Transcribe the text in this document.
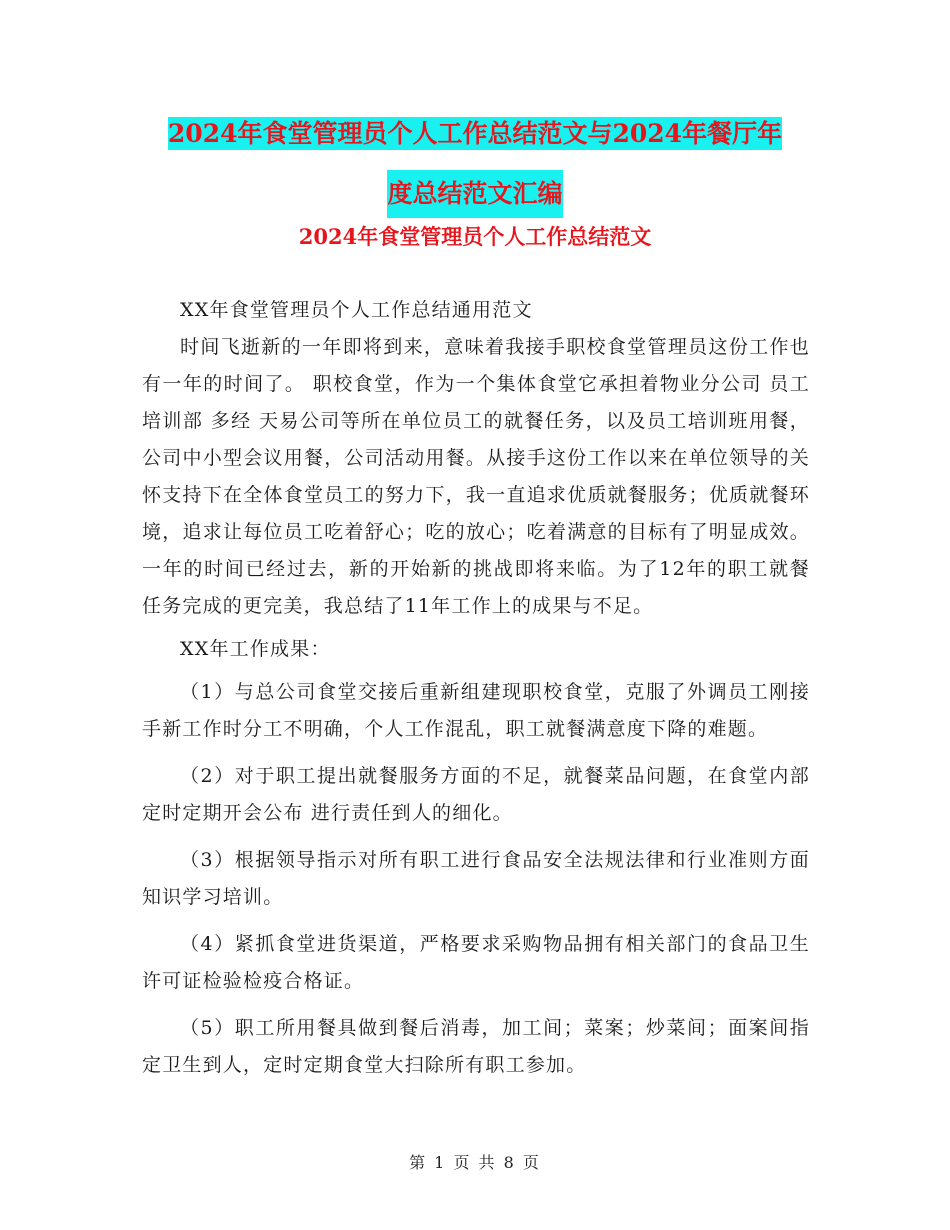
2024年食堂管理员个人工作总结范文与2024年餐厅年
度总结范文汇编
2024年食堂管理员个人工作总结范文

XX年食堂管理员个人工作总结通用范文

时间飞逝新的一年即将到来，意味着我接手职校食堂管理员这份工作也有一年的时间了。 职校食堂，作为一个集体食堂它承担着物业分公司 员工培训部 多经 天易公司等所在单位员工的就餐任务，以及员工培训班用餐，公司中小型会议用餐，公司活动用餐。从接手这份工作以来在单位领导的关怀支持下在全体食堂员工的努力下，我一直追求优质就餐服务；优质就餐环境，追求让每位员工吃着舒心；吃的放心；吃着满意的目标有了明显成效。一年的时间已经过去，新的开始新的挑战即将来临。为了12年的职工就餐任务完成的更完美，我总结了11年工作上的成果与不足。

XX年工作成果：

（1）与总公司食堂交接后重新组建现职校食堂，克服了外调员工刚接手新工作时分工不明确，个人工作混乱，职工就餐满意度下降的难题。

（2）对于职工提出就餐服务方面的不足，就餐菜品问题，在食堂内部定时定期开会公布 进行责任到人的细化。

（3）根据领导指示对所有职工进行食品安全法规法律和行业准则方面知识学习培训。

（4）紧抓食堂进货渠道，严格要求采购物品拥有相关部门的食品卫生许可证检验检疫合格证。

（5）职工所用餐具做到餐后消毒，加工间；菜案；炒菜间；面案间指定卫生到人，定时定期食堂大扫除所有职工参加。

第 1 页 共 8 页
